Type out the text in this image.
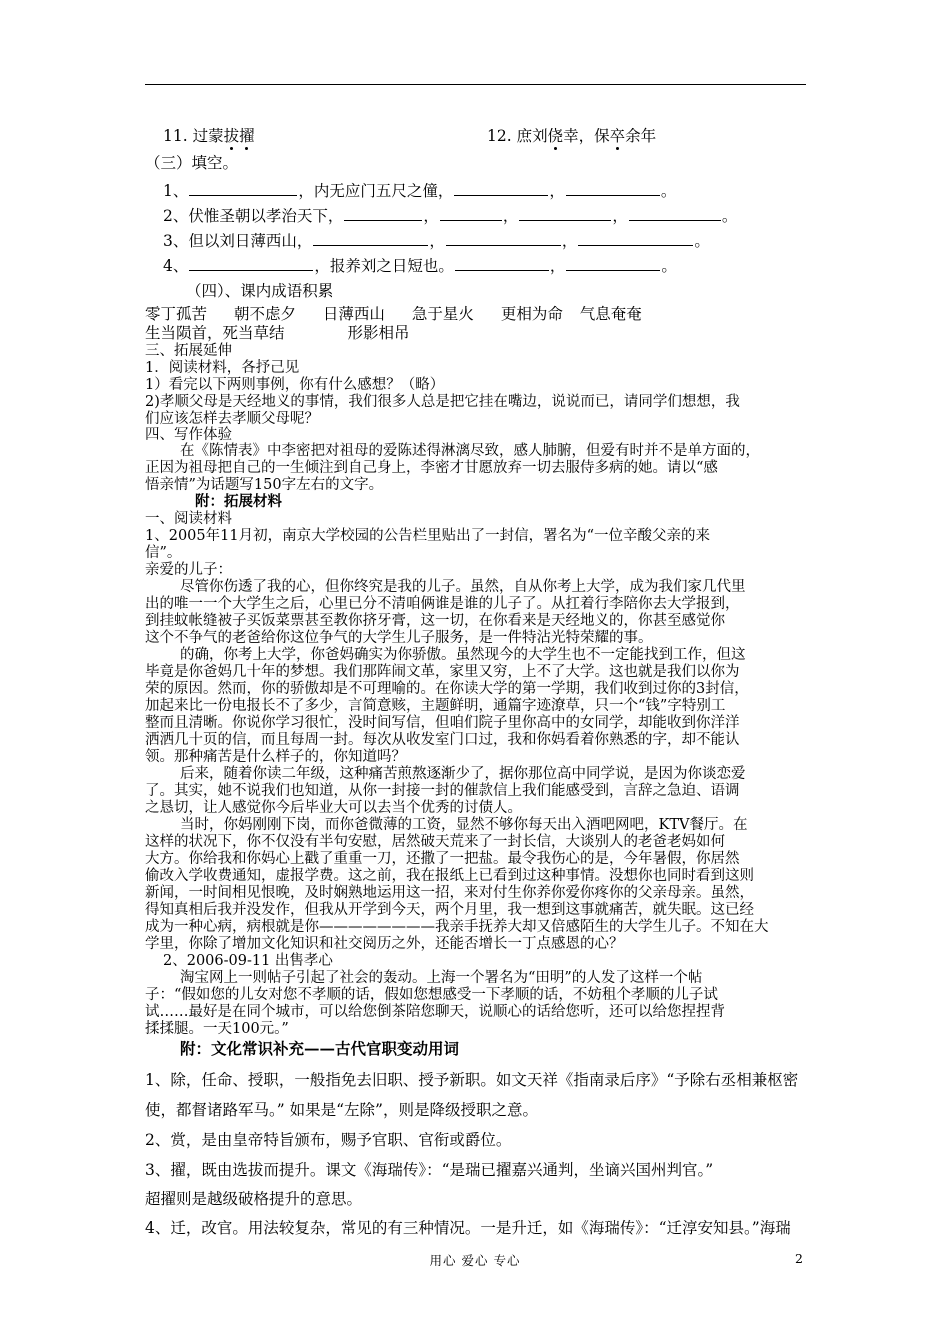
11. 过蒙拔擢	12. 庶刘侥幸，保卒余年
（三）填空。
1、	，内无应门五尺之僮，	，	。
2、伏惟圣朝以孝治天下，	，	，	，	。
3、但以刘日薄西山，	，	，	。
4、	，报养刘之日短也。	，	。
（四）、课内成语积累
零丁孤苦 朝不虑夕 日薄西山 急于星火 更相为命 气息奄奄
生当陨首，死当草结	形影相吊
三、拓展延伸
1．阅读材料，各抒己见
1）看完以下两则事例，你有什么感想？（略）
2)孝顺父母是天经地义的事情，我们很多人总是把它挂在嘴边，说说而已，请同学们想想，我
们应该怎样去孝顺父母呢？
四、写作体验
在《陈情表》中李密把对祖母的爱陈述得淋漓尽致，感人肺腑，但爱有时并不是单方面的，
正因为祖母把自己的一生倾注到自己身上，李密才甘愿放弃一切去服侍多病的她。请以“感
悟亲情”为话题写150字左右的文字。
附：拓展材料
一、阅读材料
1、2005年11月初，南京大学校园的公告栏里贴出了一封信，署名为“一位辛酸父亲的来
信”。
亲爱的儿子：
尽管你伤透了我的心，但你终究是我的儿子。虽然，自从你考上大学，成为我们家几代里
出的唯一一个大学生之后，心里已分不清咱俩谁是谁的儿子了。从扛着行李陪你去大学报到，
到挂蚊帐缝被子买饭菜票甚至教你挤牙膏，这一切，在你看来是天经地义的，你甚至感觉你
这个不争气的老爸给你这位争气的大学生儿子服务，是一件特沾光特荣耀的事。
的确，你考上大学，你爸妈确实为你骄傲。虽然现今的大学生也不一定能找到工作，但这
毕竟是你爸妈几十年的梦想。我们那阵闹文革，家里又穷，上不了大学。这也就是我们以你为
荣的原因。然而，你的骄傲却是不可理喻的。在你读大学的第一学期，我们收到过你的3封信，
加起来比一份电报长不了多少，言简意赅，主题鲜明，通篇字迹潦草，只一个“钱”字特别工
整而且清晰。你说你学习很忙，没时间写信，但咱们院子里你高中的女同学，却能收到你洋洋
洒洒几十页的信，而且每周一封。每次从收发室门口过，我和你妈看着你熟悉的字，却不能认
领。那种痛苦是什么样子的，你知道吗？
后来，随着你读二年级，这种痛苦煎熬逐渐少了，据你那位高中同学说，是因为你谈恋爱
了。其实，她不说我们也知道，从你一封接一封的催款信上我们能感受到，言辞之急迫、语调
之恳切，让人感觉你今后毕业大可以去当个优秀的讨债人。
当时，你妈刚刚下岗，而你爸微薄的工资，显然不够你每天出入酒吧网吧，KTV餐厅。在
这样的状况下，你不仅没有半句安慰，居然破天荒来了一封长信，大谈别人的老爸老妈如何
大方。你给我和你妈心上戳了重重一刀，还撒了一把盐。最令我伤心的是，今年暑假，你居然
偷改入学收费通知，虚报学费。这之前，我在报纸上已看到过这种事情。没想你也同时看到这则
新闻，一时间相见恨晚，及时娴熟地运用这一招，来对付生你养你爱你疼你的父亲母亲。虽然，
得知真相后我并没发作，但我从开学到今天，两个月里，我一想到这事就痛苦，就失眠。这已经
成为一种心病，病根就是你————————我亲手抚养大却又倍感陌生的大学生儿子。不知在大
学里，你除了增加文化知识和社交阅历之外，还能否增长一丁点感恩的心？
2、2006-09-11 出售孝心
淘宝网上一则帖子引起了社会的轰动。上海一个署名为“田明”的人发了这样一个帖
子：“假如您的儿女对您不孝顺的话，假如您想感受一下孝顺的话，不妨租个孝顺的儿子试
试……最好是在同个城市，可以给您倒茶陪您聊天，说顺心的话给您听，还可以给您捏捏背
揉揉腿。一天100元。”
附：文化常识补充——古代官职变动用词
1、除，任命、授职，一般指免去旧职、授予新职。如文天祥《指南录后序》“予除右丞相兼枢密
使，都督诸路军马。” 如果是“左除”，则是降级授职之意。
2、赏，是由皇帝特旨颁布，赐予官职、官衔或爵位。
3、擢，既由选拔而提升。课文《海瑞传》：“是瑞已擢嘉兴通判，坐谪兴国州判官。”
超擢则是越级破格提升的意思。
4、迁，改官。用法较复杂，常见的有三种情况。一是升迁，如《海瑞传》：“迁淳安知县。”海瑞
用心 爱心 专心	2
